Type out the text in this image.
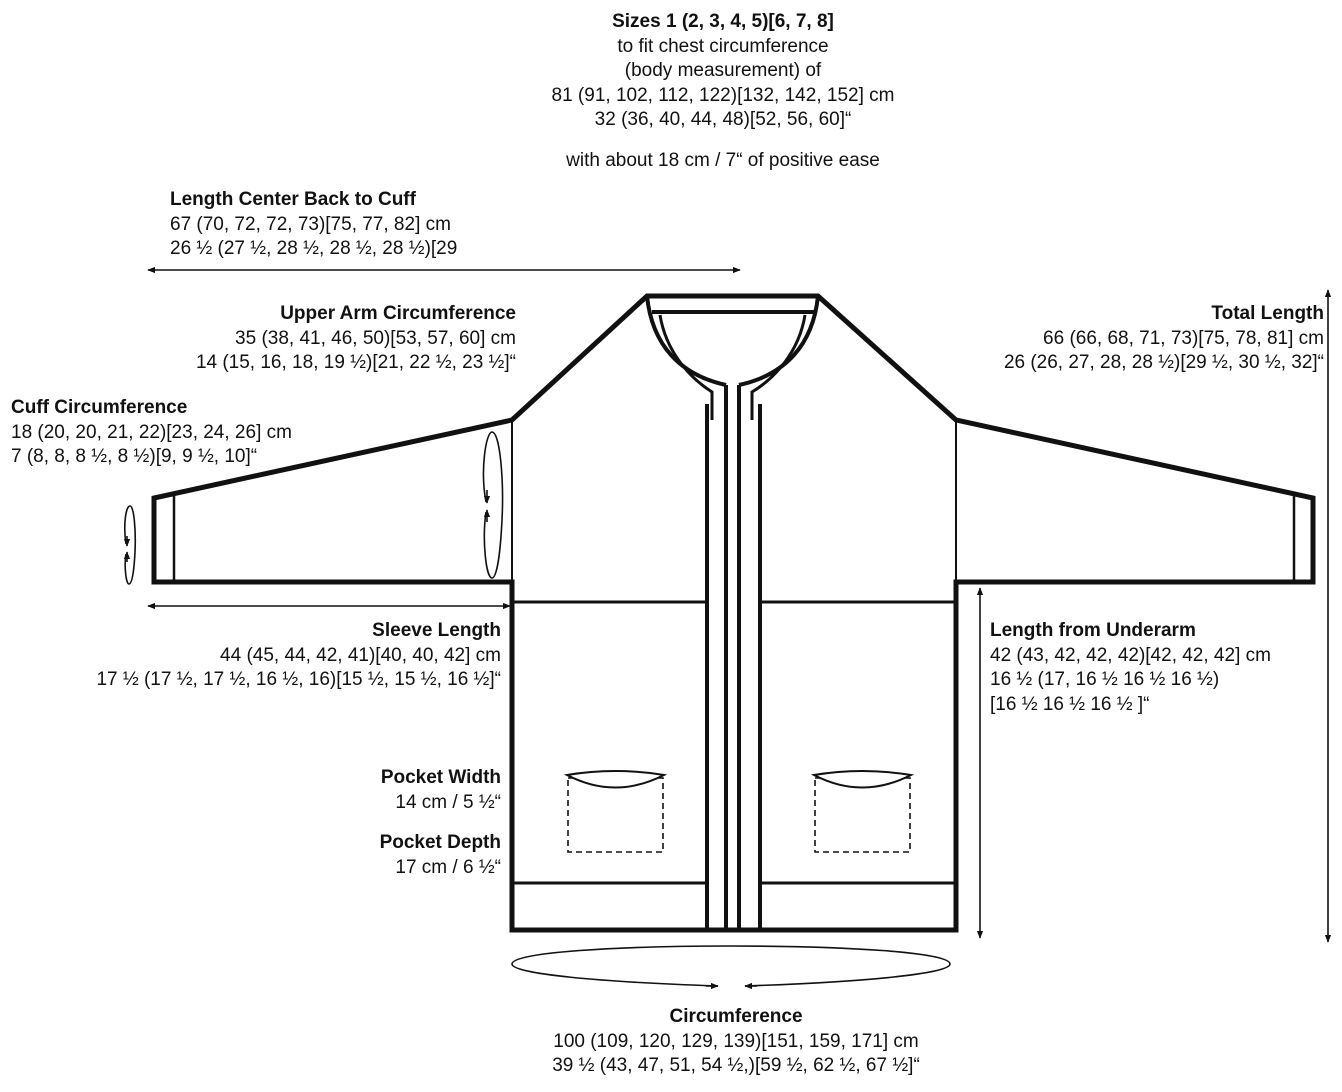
Sizes 1 (2, 3, 4, 5)[6, 7, 8]
to fit chest circumference
(body measurement) of
81 (91, 102, 112, 122)[132, 142, 152] cm
32 (36, 40, 44, 48)[52, 56, 60]“
with about 18 cm / 7“ of positive ease
Length Center Back to Cuff
67 (70, 72, 72, 73)[75, 77, 82] cm
26 ½ (27 ½, 28 ½, 28 ½, 28 ½)[29
Upper Arm Circumference
35 (38, 41, 46, 50)[53, 57, 60] cm
14 (15, 16, 18, 19 ½)[21, 22 ½, 23 ½]“
Cuff Circumference
18 (20, 20, 21, 22)[23, 24, 26] cm
7 (8, 8, 8 ½, 8 ½)[9, 9 ½, 10]“
Total Length
66 (66, 68, 71, 73)[75, 78, 81] cm
26 (26, 27, 28, 28 ½)[29 ½, 30 ½, 32]“
Sleeve Length
44 (45, 44, 42, 41)[40, 40, 42] cm
17 ½ (17 ½, 17 ½, 16 ½, 16)[15 ½, 15 ½, 16 ½]“
Length from Underarm
42 (43, 42, 42, 42)[42, 42, 42] cm
16 ½ (17, 16 ½ 16 ½ 16 ½)
[16 ½ 16 ½ 16 ½ ]“
Pocket Width
14 cm / 5 ½“
Pocket Depth
17 cm / 6 ½“
Circumference
100 (109, 120, 129, 139)[151, 159, 171] cm
39 ½ (43, 47, 51, 54 ½,)[59 ½, 62 ½, 67 ½]“
